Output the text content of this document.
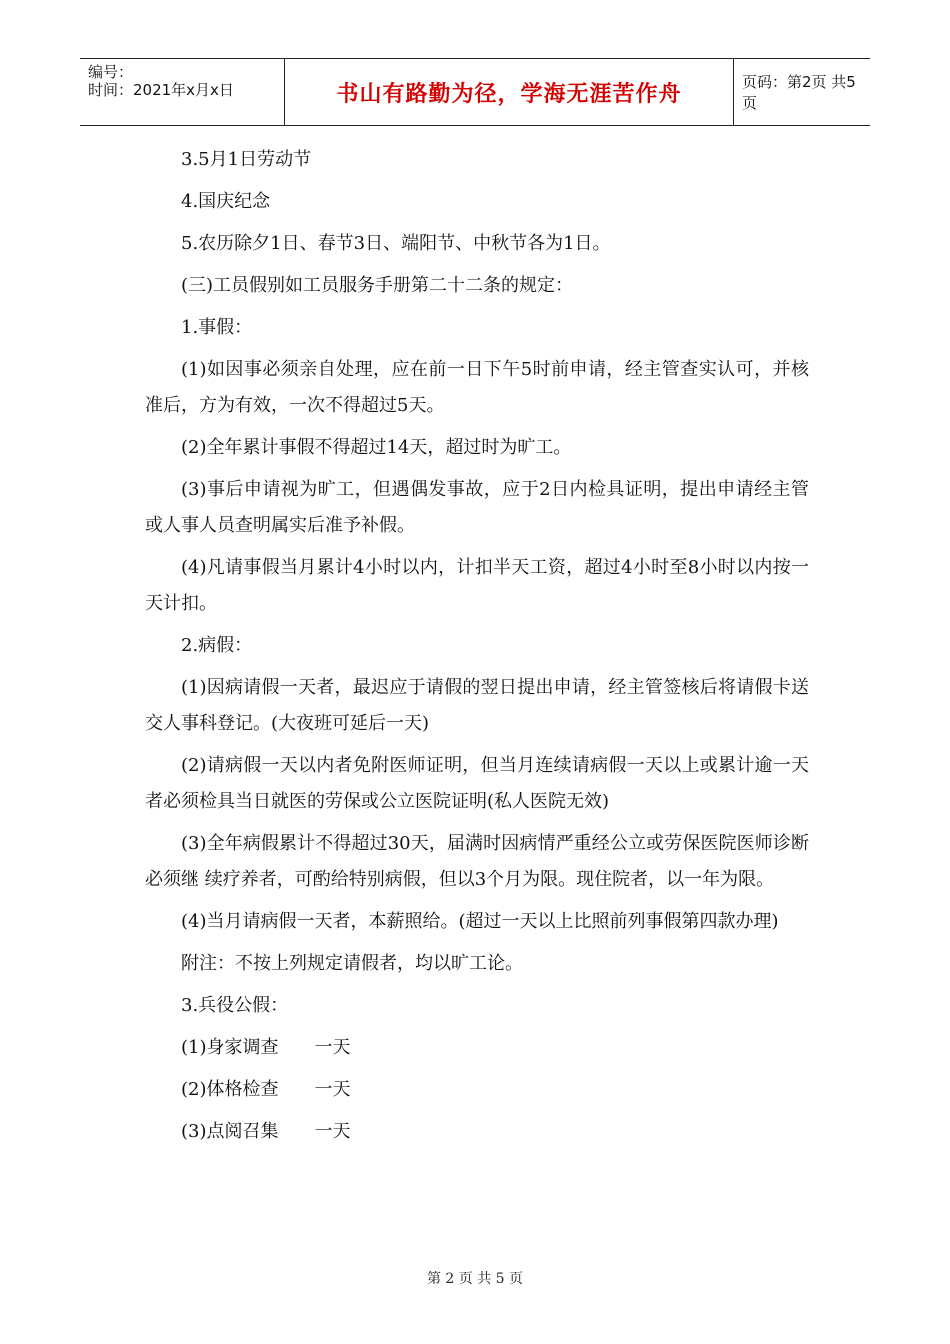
编号：
时间：2021年x月x日	书山有路勤为径，学海无涯苦作舟	页码：第2页 共5页

3.5月1日劳动节

4.国庆纪念

5.农历除夕1日、春节3日、端阳节、中秋节各为1日。

(三)工员假别如工员服务手册第二十二条的规定：

1.事假：

(1)如因事必须亲自处理，应在前一日下午5时前申请，经主管查实认可，并核准后，方为有效，一次不得超过5天。

(2)全年累计事假不得超过14天，超过时为旷工。

(3)事后申请视为旷工，但遇偶发事故，应于2日内检具证明，提出申请经主管或人事人员查明属实后准予补假。

(4)凡请事假当月累计4小时以内，计扣半天工资，超过4小时至8小时以内按一天计扣。

2.病假：

(1)因病请假一天者，最迟应于请假的翌日提出申请，经主管签核后将请假卡送交人事科登记。(大夜班可延后一天)

(2)请病假一天以内者免附医师证明，但当月连续请病假一天以上或累计逾一天者必须检具当日就医的劳保或公立医院证明(私人医院无效)

(3)全年病假累计不得超过30天，届满时因病情严重经公立或劳保医院医师诊断必须继 续疗养者，可酌给特别病假，但以3个月为限。现住院者，以一年为限。

(4)当月请病假一天者，本薪照给。(超过一天以上比照前列事假第四款办理)

附注：不按上列规定请假者，均以旷工论。

3.兵役公假：

(1)身家调查　　一天

(2)体格检查　　一天

(3)点阅召集　　一天

第 2 页 共 5 页
